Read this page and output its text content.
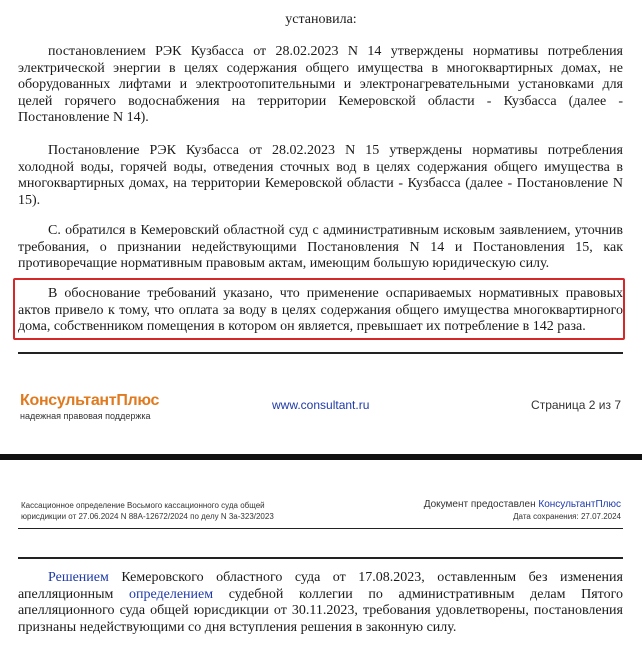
установила:

постановлением РЭК Кузбасса от 28.02.2023 N 14 утверждены нормативы потребления электрической энергии в целях содержания общего имущества в многоквартирных домах, не оборудованных лифтами и электроотопительными и электронагревательными установками для целей горячего водоснабжения на территории Кемеровской области - Кузбасса (далее - Постановление N 14).

Постановление РЭК Кузбасса от 28.02.2023 N 15 утверждены нормативы потребления холодной воды, горячей воды, отведения сточных вод в целях содержания общего имущества в многоквартирных домах, на территории Кемеровской области - Кузбасса (далее - Постановление N 15).

С. обратился в Кемеровский областной суд с административным исковым заявлением, уточнив требования, о признании недействующими Постановления N 14 и Постановления 15, как противоречащие нормативным правовым актам, имеющим большую юридическую силу.

В обоснование требований указано, что применение оспариваемых нормативных правовых актов привело к тому, что оплата за воду в целях содержания общего имущества многоквартирного дома, собственником помещения в котором он является, превышает их потребление в 142 раза.

КонсультантПлюс
надежная правовая поддержка
www.consultant.ru	Страница 2 из 7
Кассационное определение Восьмого кассационного суда общей
юрисдикции от 27.06.2024 N 88А-12672/2024 по делу N 3а-323/2023
Документ предоставлен КонсультантПлюс
Дата сохранения: 27.07.2024

Решением Кемеровского областного суда от 17.08.2023, оставленным без изменения апелляционным определением судебной коллегии по административным делам Пятого апелляционного суда общей юрисдикции от 30.11.2023, требования удовлетворены, постановления признаны недействующими со дня вступления решения в законную силу.
